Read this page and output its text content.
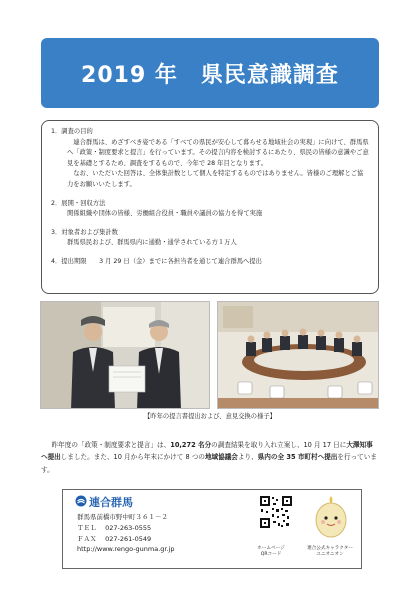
2019 年　県民意識調査

1．調査の目的

連合群馬は、めざすべき姿である「すべての県民が安心して暮らせる地域社会の実現」に向けて、群馬県へ「政策・制度要求と提言」を行っています。その提言内容を検討するにあたり、県民の皆様の意識やご意見を基礎とするため、調査をするもので、今年で 28 年目となります。

なお、いただいた回答は、全体集計数として個人を特定するものではありません。皆様のご理解とご協力をお願いいたします。

2．展開・回収方法

関係組織や団体の皆様、労働組合役員・職員や議員の協力を得て実施

3．対象者および集計数

群馬県民および、群馬県内に通勤・通学されている方１万人

4．提出期限　　3 月 29 日（金）までに各担当者を通じて連合群馬へ提出

【昨年の提言書提出および、意見交換の様子】

昨年度の「政策・制度要求と提言」は、10,272 名分の調査結果を取り入れ立案し、10 月 17 日に大澤知事へ提出しました。また、10 月から年末にかけて 8 つの地域協議会より、県内の全 35 市町村へ提出を行っています。

連合群馬
群馬県前橋市野中町３６１－２
ＴＥＬ　 027-263-0555
ＦＡＸ　 027-261-0549
http://www.rengo-gunma.gr.jp	ホームページ
QRコード
連合公式キャラクター
ユニオニオン
